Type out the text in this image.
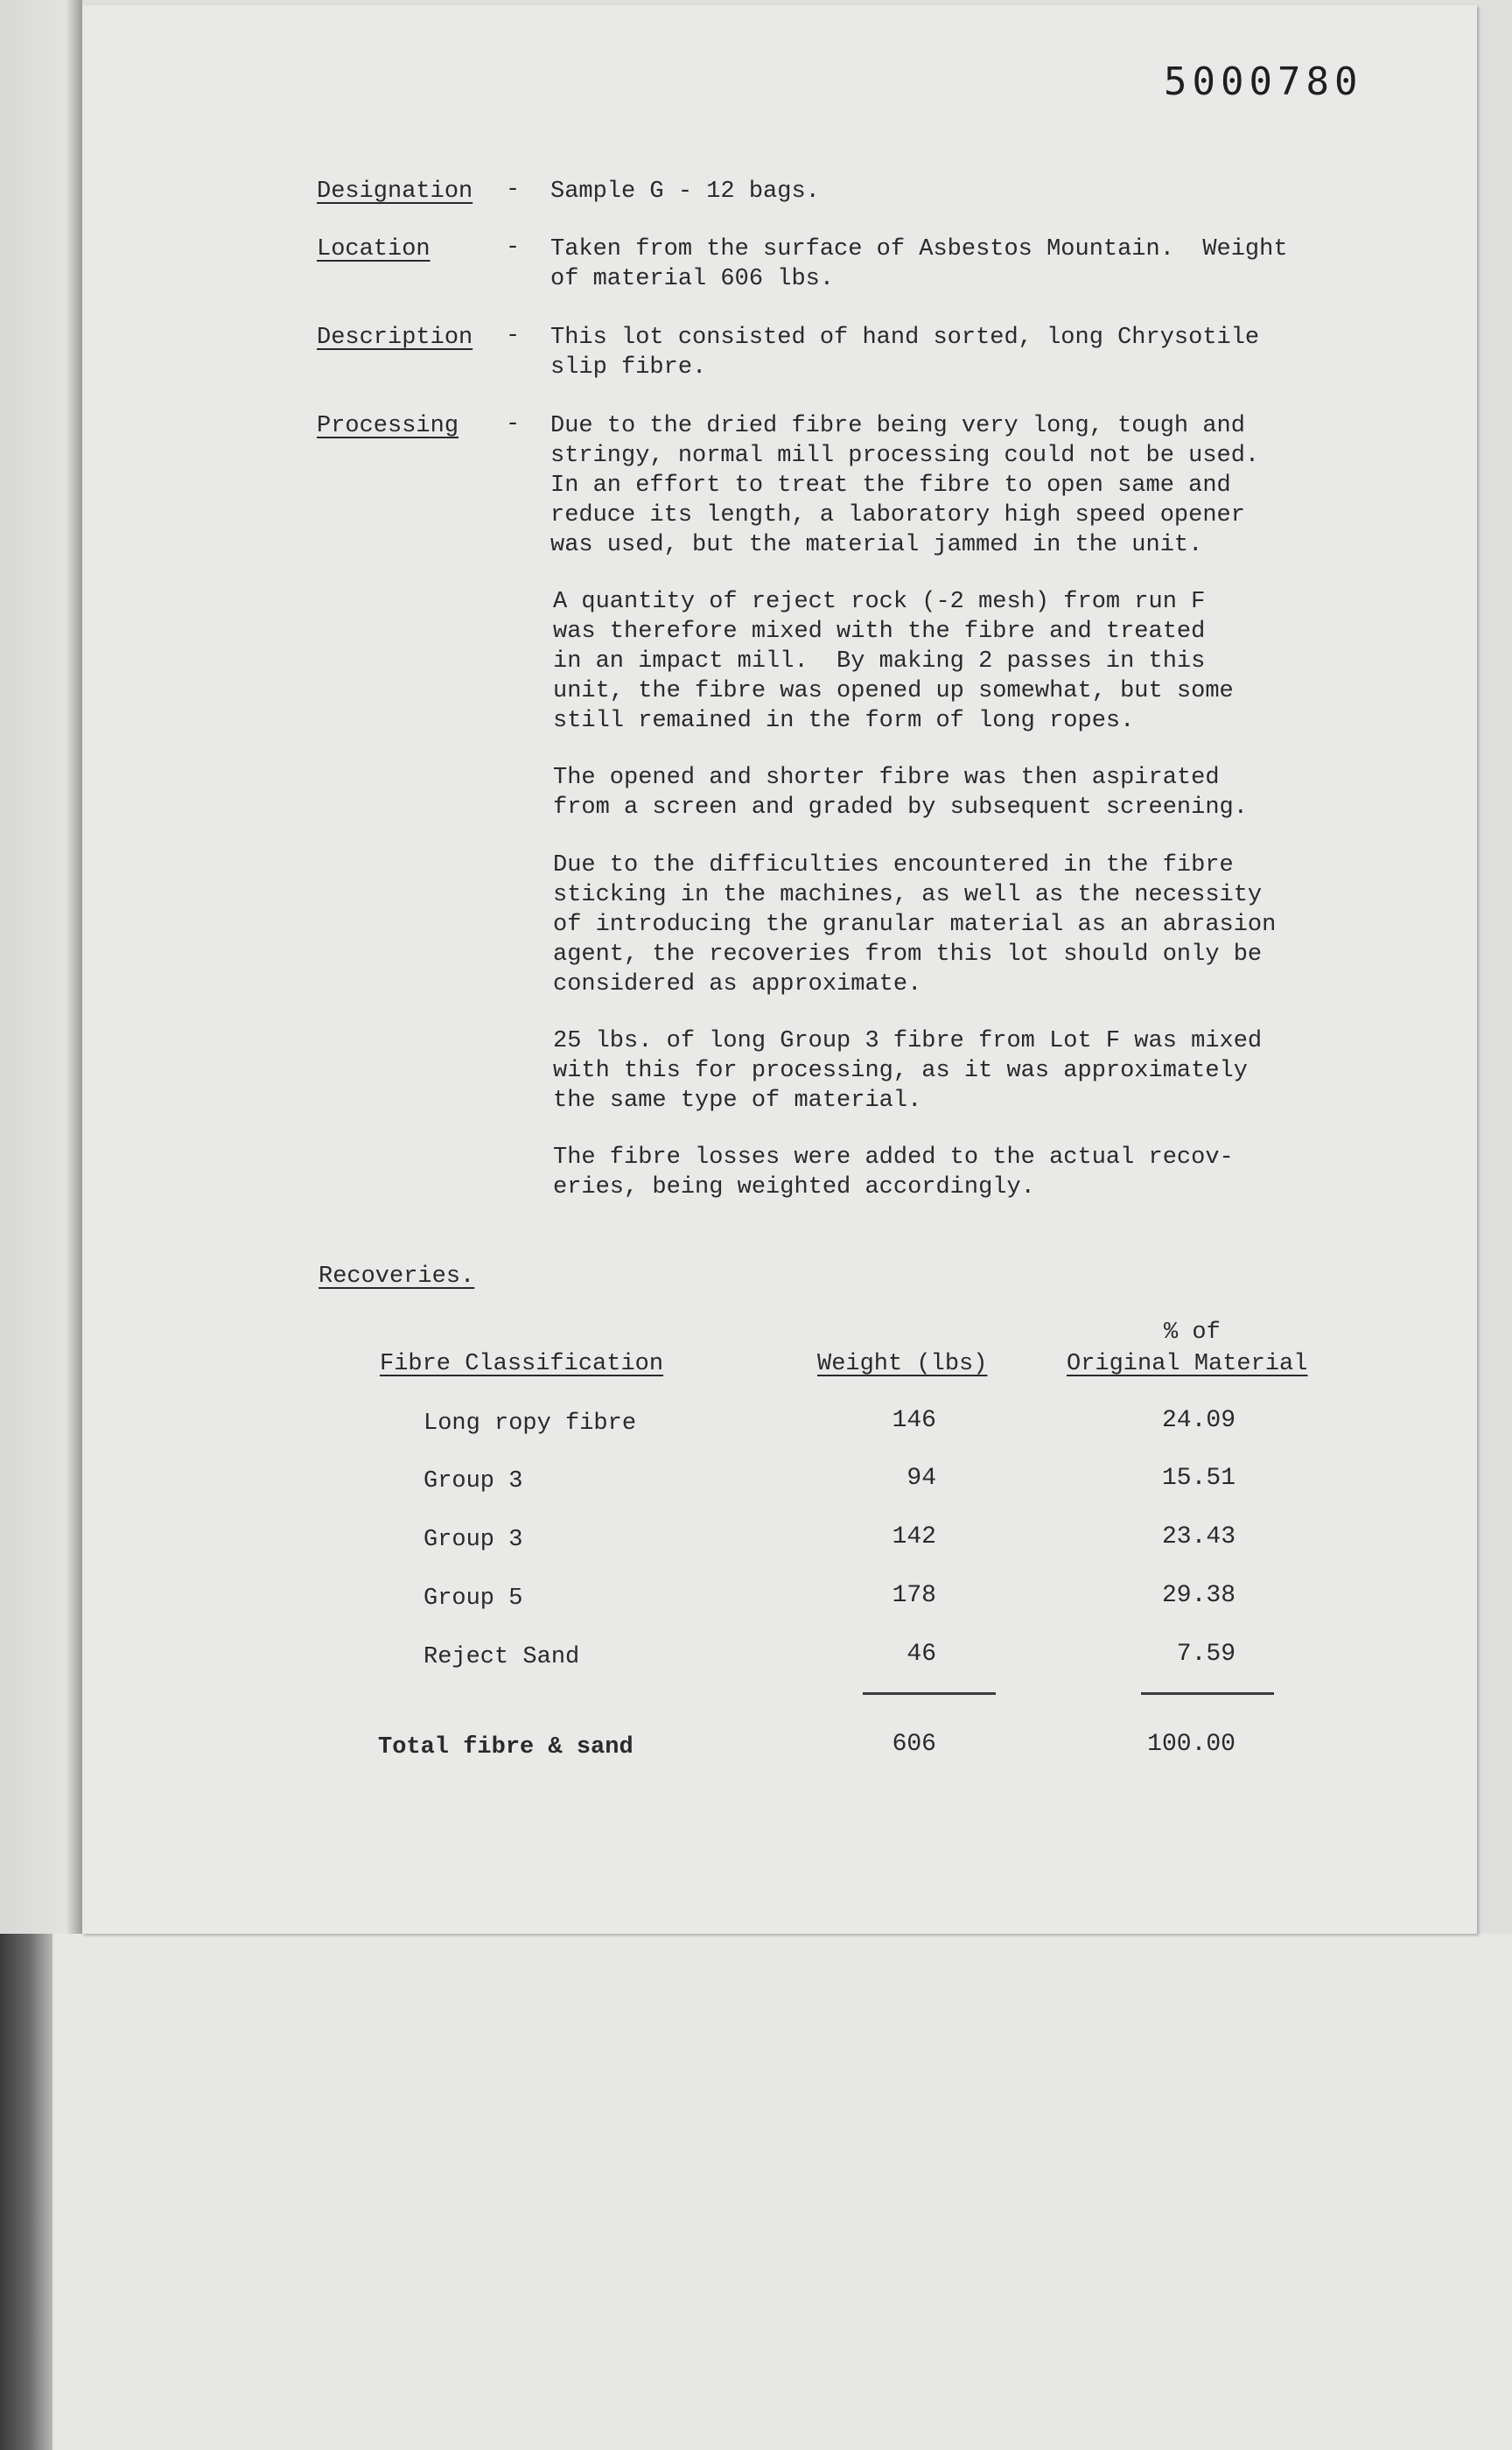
5000780
Designation - Sample G - 12 bags.
Location	- Taken from the surface of Asbestos Mountain.  Weight
of material 606 lbs.
Description - This lot consisted of hand sorted, long Chrysotile
slip fibre.
Processing - Due to the dried fibre being very long, tough and
stringy, normal mill processing could not be used.
In an effort to treat the fibre to open same and
reduce its length, a laboratory high speed opener
was used, but the material jammed in the unit.
A quantity of reject rock (-2 mesh) from run F
was therefore mixed with the fibre and treated
in an impact mill.  By making 2 passes in this
unit, the fibre was opened up somewhat, but some
still remained in the form of long ropes.
The opened and shorter fibre was then aspirated
from a screen and graded by subsequent screening.
Due to the difficulties encountered in the fibre
sticking in the machines, as well as the necessity
of introducing the granular material as an abrasion
agent, the recoveries from this lot should only be
considered as approximate.
25 lbs. of long Group 3 fibre from Lot F was mixed
with this for processing, as it was approximately
the same type of material.
The fibre losses were added to the actual recov-
eries, being weighted accordingly.
Recoveries.
% of
Fibre Classification	Weight (lbs)	Original Material
Long ropy fibre	146	24.09
Group 3	94	15.51
Group 3	142	23.43
Group 5	178	29.38
Reject Sand	46	7.59
Total fibre & sand	606	100.00
